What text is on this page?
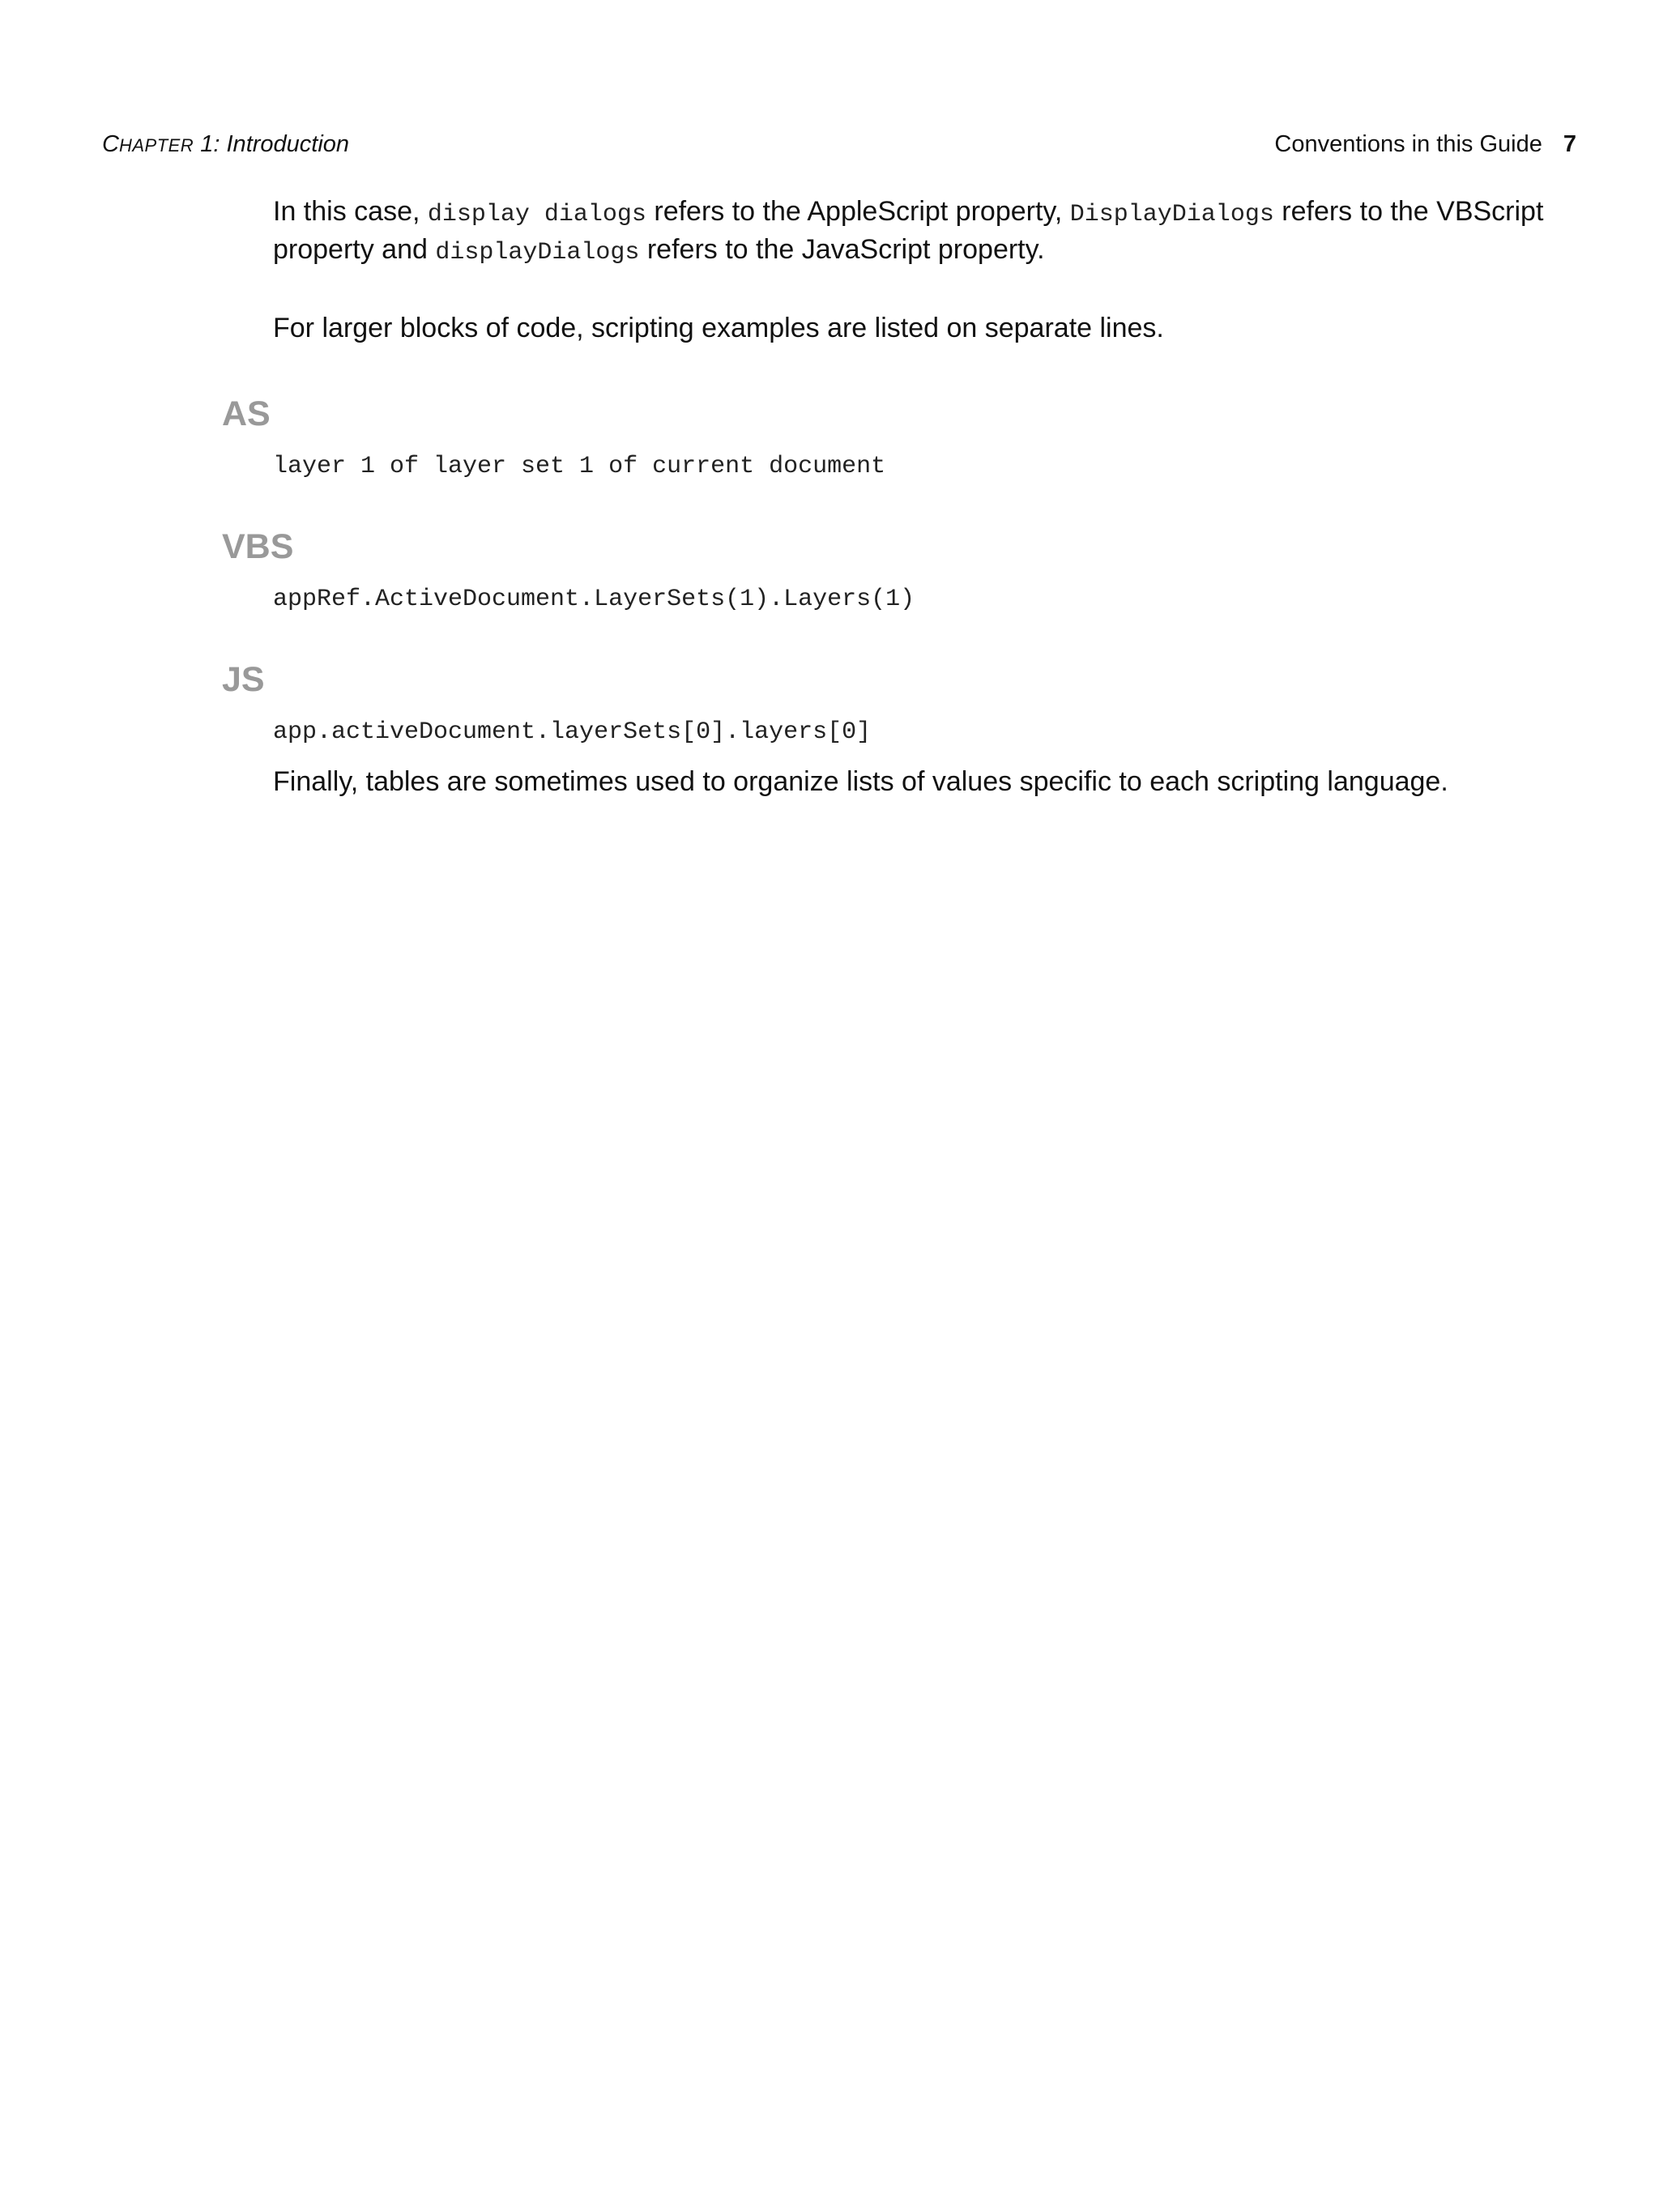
CHAPTER 1: Introduction	Conventions in this Guide 7

In this case, display dialogs refers to the AppleScript property, DisplayDialogs refers to the VBScript property and displayDialogs refers to the JavaScript property.

For larger blocks of code, scripting examples are listed on separate lines.

AS
layer 1 of layer set 1 of current document
VBS
appRef.ActiveDocument.LayerSets(1).Layers(1)
JS
app.activeDocument.layerSets[0].layers[0]

Finally, tables are sometimes used to organize lists of values specific to each scripting language.
